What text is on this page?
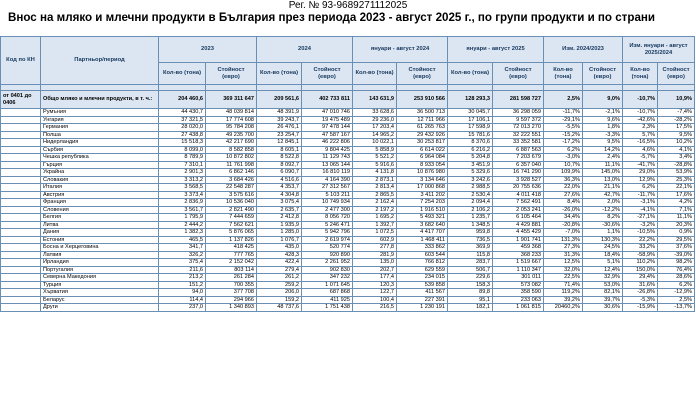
Рег. № 93-9689271112025
Внос на мляко и млечни продукти в България през периода 2023 - август 2025 г., по групи продукти и по страни
Код по КН	Партньор/период	2023		2024		януари - август 2024		януари - август 2025		Изм. 2024/2023		Изм. януари - август 2025/2024	
		Кол-во (тона)	Стойност (евро)	Кол-во (тона)	Стойност (евро)	Кол-во (тона)	Стойност (евро)	Кол-во (тона)	Стойност (евро)	Кол-во (тона)	Стойност (евро)	Кол-во (тона)	Стойност (евро)

от 0401 до 0406	Общо мляко и млечни продукти, в т. ч.:	204 460,6	369 311 647	209 561,6	402 733 811	143 631,9	253 910 566	128 293,3	281 598 727	2,5%	9,0%	-10,7%	10,9%
	Румъния	44 430,7	48 039 814	48 391,9	47 010 746	33 628,6	36 500 713	30 045,7	36 298 059	-11,7%	-2,1%	-10,7%	-7,4%
	Унгария	37 321,5	17 774 608	39 243,7	19 475 489	29 236,0	12 711 966	17 106,1	9 597 372	-29,1%	9,6%	-42,6%	-28,2%
	Германия	28 020,0	95 784 208	26 476,1	97 478 144	17 203,4	61 265 763	17 598,9	72 013 270	-5,5%	1,8%	2,3%	17,5%
	Полша	27 438,8	49 235 700	23 254,7	47 587 167	14 965,2	29 432 926	15 781,6	32 222 551	-15,2%	-3,3%	5,7%	9,5%
	Нидерландия	15 518,3	42 217 690	12 845,1	46 222 806	10 022,1	30 253 817	8 370,6	33 352 581	-17,2%	9,5%	-16,5%	10,2%
	Сърбия	8 099,0	8 582 858	8 605,1	9 804 425	5 858,9	6 614 022	6 216,2	6 887 563	6,2%	14,2%	4,6%	4,1%
	Чешка република	8 789,9	10 872 802	8 522,8	11 129 743	5 521,2	6 964 084	5 204,8	7 203 679	-3,0%	2,4%	-5,7%	3,4%
	Гърция	7 310,1	11 761 998	8 092,7	13 065 144	5 916,6	8 933 054	3 451,9	6 357 040	10,7%	11,1%	-41,7%	-28,8%
	Украйна	2 901,3	6 862 146	6 090,7	16 810 119	4 131,8	10 876 980	5 329,6	16 741 290	109,9%	145,0%	29,0%	53,9%
	Словакия	3 313,2	3 684 426	4 516,6	4 164 390	2 873,1	3 134 646	3 242,6	3 928 527	36,3%	13,0%	12,9%	25,3%
	Италия	3 568,5	22 548 287	4 353,7	27 312 567	2 813,4	17 000 868	2 988,5	20 755 636	22,0%	21,1%	6,2%	22,1%
	Австрия	3 373,4	3 575 616	4 304,8	5 103 211	2 865,5	3 411 202	2 530,4	4 011 418	27,6%	42,7%	-11,7%	17,6%
	Франция	2 836,9	10 536 040	3 075,4	10 749 934	2 162,4	7 254 203	2 094,4	7 562 491	8,4%	2,0%	-3,1%	4,2%
	Словения	3 561,7	2 821 490	2 635,7	2 477 300	2 197,2	1 916 510	2 106,2	2 053 241	-26,0%	-12,2%	-4,1%	7,1%
	Белгия	1 795,9	7 444 659	2 412,8	8 056 720	1 695,2	5 493 321	1 235,7	6 105 464	34,4%	8,2%	-27,1%	11,1%
	Литва	2 444,2	7 562 621	1 935,9	5 246 471	1 392,7	3 682 640	1 348,5	4 429 881	-20,8%	-30,6%	-3,2%	20,3%
	Дания	1 382,3	5 876 065	1 285,0	5 942 796	1 072,5	4 417 707	959,8	4 455 429	-7,0%	1,1%	-10,5%	0,9%
	Естония	465,5	1 137 826	1 076,7	2 619 974	602,9	1 468 411	736,5	1 901 741	131,3%	130,3%	22,2%	29,5%
	Босна и Херцеговина	341,7	418 425	435,0	520 774	277,8	333 862	369,9	459 368	27,3%	24,5%	33,2%	37,6%
	Латвия	326,2	777 765	428,3	920 890	281,9	603 544	115,8	368 233	31,3%	18,4%	-58,9%	-39,0%
	Ирландия	375,4	2 152 042	422,4	2 261 952	135,0	766 812	283,7	1 519 667	12,5%	5,1%	110,2%	98,2%
	Португалия	211,6	803 114	279,4	902 830	202,7	629 559	506,7	1 110 347	32,0%	12,4%	150,0%	76,4%
	Северна Македония	213,2	261 284	261,2	347 232	177,4	234 015	229,6	301 011	22,5%	32,9%	29,4%	28,6%
	Турция	151,2	700 355	259,2	1 071 645	120,3	539 858	158,3	573 082	71,4%	53,0%	31,6%	6,2%
	Хърватия	94,0	377 708	206,0	687 868	122,7	411 567	89,8	358 590	119,2%	82,1%	-26,8%	-12,9%
	Беларус	114,4	294 966	159,2	411 925	100,4	227 391	95,1	233 063	39,2%	39,7%	-5,3%	2,5%
	Други	237,0	1 340 893	48 737,6	1 751 438	216,5	1 230 191	182,1	1 061 815	20460,2%	30,6%	-15,9%	-13,7%
